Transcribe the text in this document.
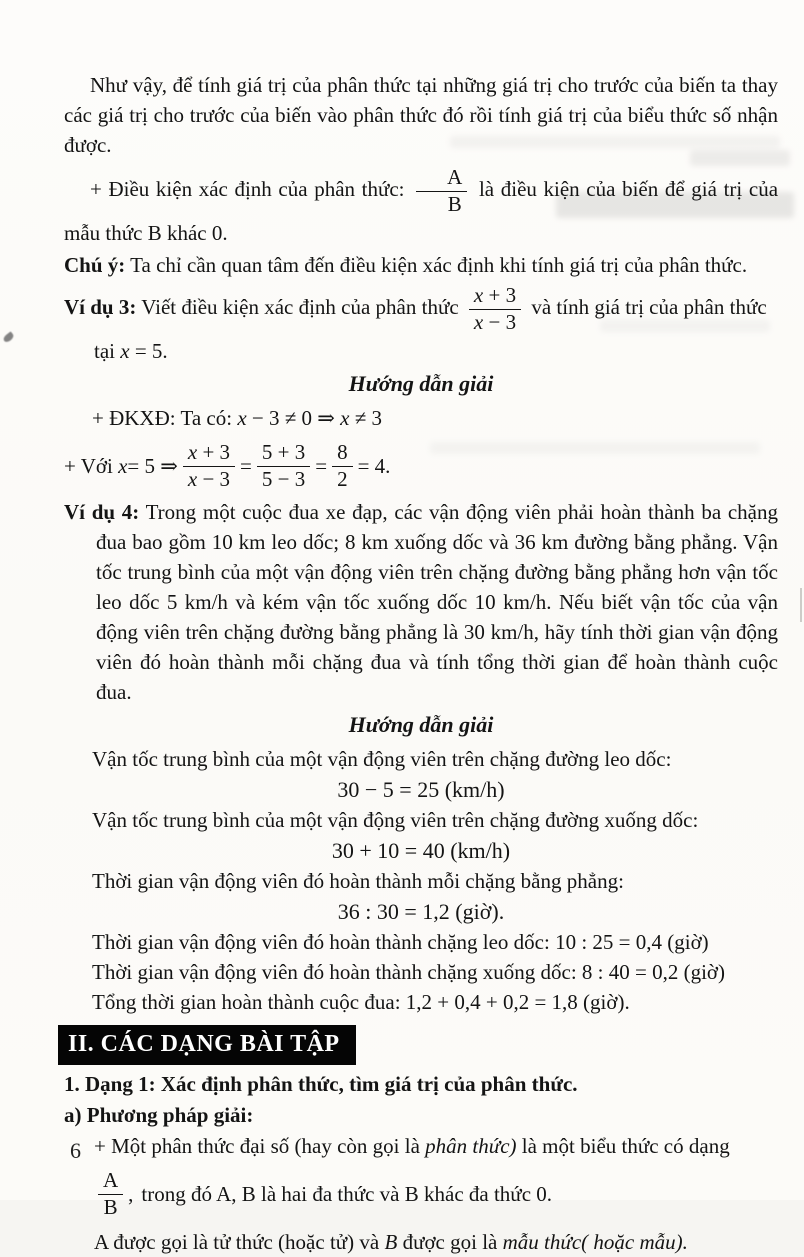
Như vậy, để tính giá trị của phân thức tại những giá trị cho trước của biến ta thay các giá trị cho trước của biến vào phân thức đó rồi tính giá trị của biểu thức số nhận được.

+ Điều kiện xác định của phân thức: $\frac{A}{B}$ là điều kiện của biến để giá trị của mẫu thức B khác 0.

Chú ý: Ta chỉ cần quan tâm đến điều kiện xác định khi tính giá trị của phân thức.

Ví dụ 3: Viết điều kiện xác định của phân thức $\frac{x + 3}{x - 3}$ và tính giá trị của phân thức

tại x = 5.

Hướng dẫn giải

+ ĐKXĐ: Ta có: x − 3 ≠ 0 ⇒ x ≠ 3

+ Với
x = 5 ⇒ $\frac{x + 3}{x - 3} = \frac{5 + 3}{5 - 3} = \frac{8}{2} = 4$.

Ví dụ 4: Trong một cuộc đua xe đạp, các vận động viên phải hoàn thành ba chặng đua bao gồm 10 km leo dốc; 8 km xuống dốc và 36 km đường bằng phẳng. Vận tốc trung bình của một vận động viên trên chặng đường bằng phẳng hơn vận tốc leo dốc 5 km/h và kém vận tốc xuống dốc 10 km/h. Nếu biết vận tốc của vận động viên trên chặng đường bằng phẳng là 30 km/h, hãy tính thời gian vận động viên đó hoàn thành mỗi chặng đua và tính tổng thời gian để hoàn thành cuộc đua.

Hướng dẫn giải

Vận tốc trung bình của một vận động viên trên chặng đường leo dốc:

30 − 5 = 25 (km/h)

Vận tốc trung bình của một vận động viên trên chặng đường xuống dốc:

30 + 10 = 40 (km/h)

Thời gian vận động viên đó hoàn thành mỗi chặng bằng phẳng:

36 : 30 = 1,2 (giờ).

Thời gian vận động viên đó hoàn thành chặng leo dốc: 10 : 25 = 0,4 (giờ)

Thời gian vận động viên đó hoàn thành chặng xuống dốc: 8 : 40 = 0,2 (giờ)

Tổng thời gian hoàn thành cuộc đua: 1,2 + 0,4 + 0,2 = 1,8 (giờ).

II. CÁC DẠNG BÀI TẬP

1. Dạng 1: Xác định phân thức, tìm giá trị của phân thức.

a) Phương pháp giải:

+ Một phân thức đại số (hay còn gọi là phân thức) là một biểu thức có dạng

$\frac{A}{B}$ , trong đó A, B là hai đa thức và B khác đa thức 0.

A được gọi là tử thức (hoặc tử) và B được gọi là mẫu thức( hoặc mẫu).

6
